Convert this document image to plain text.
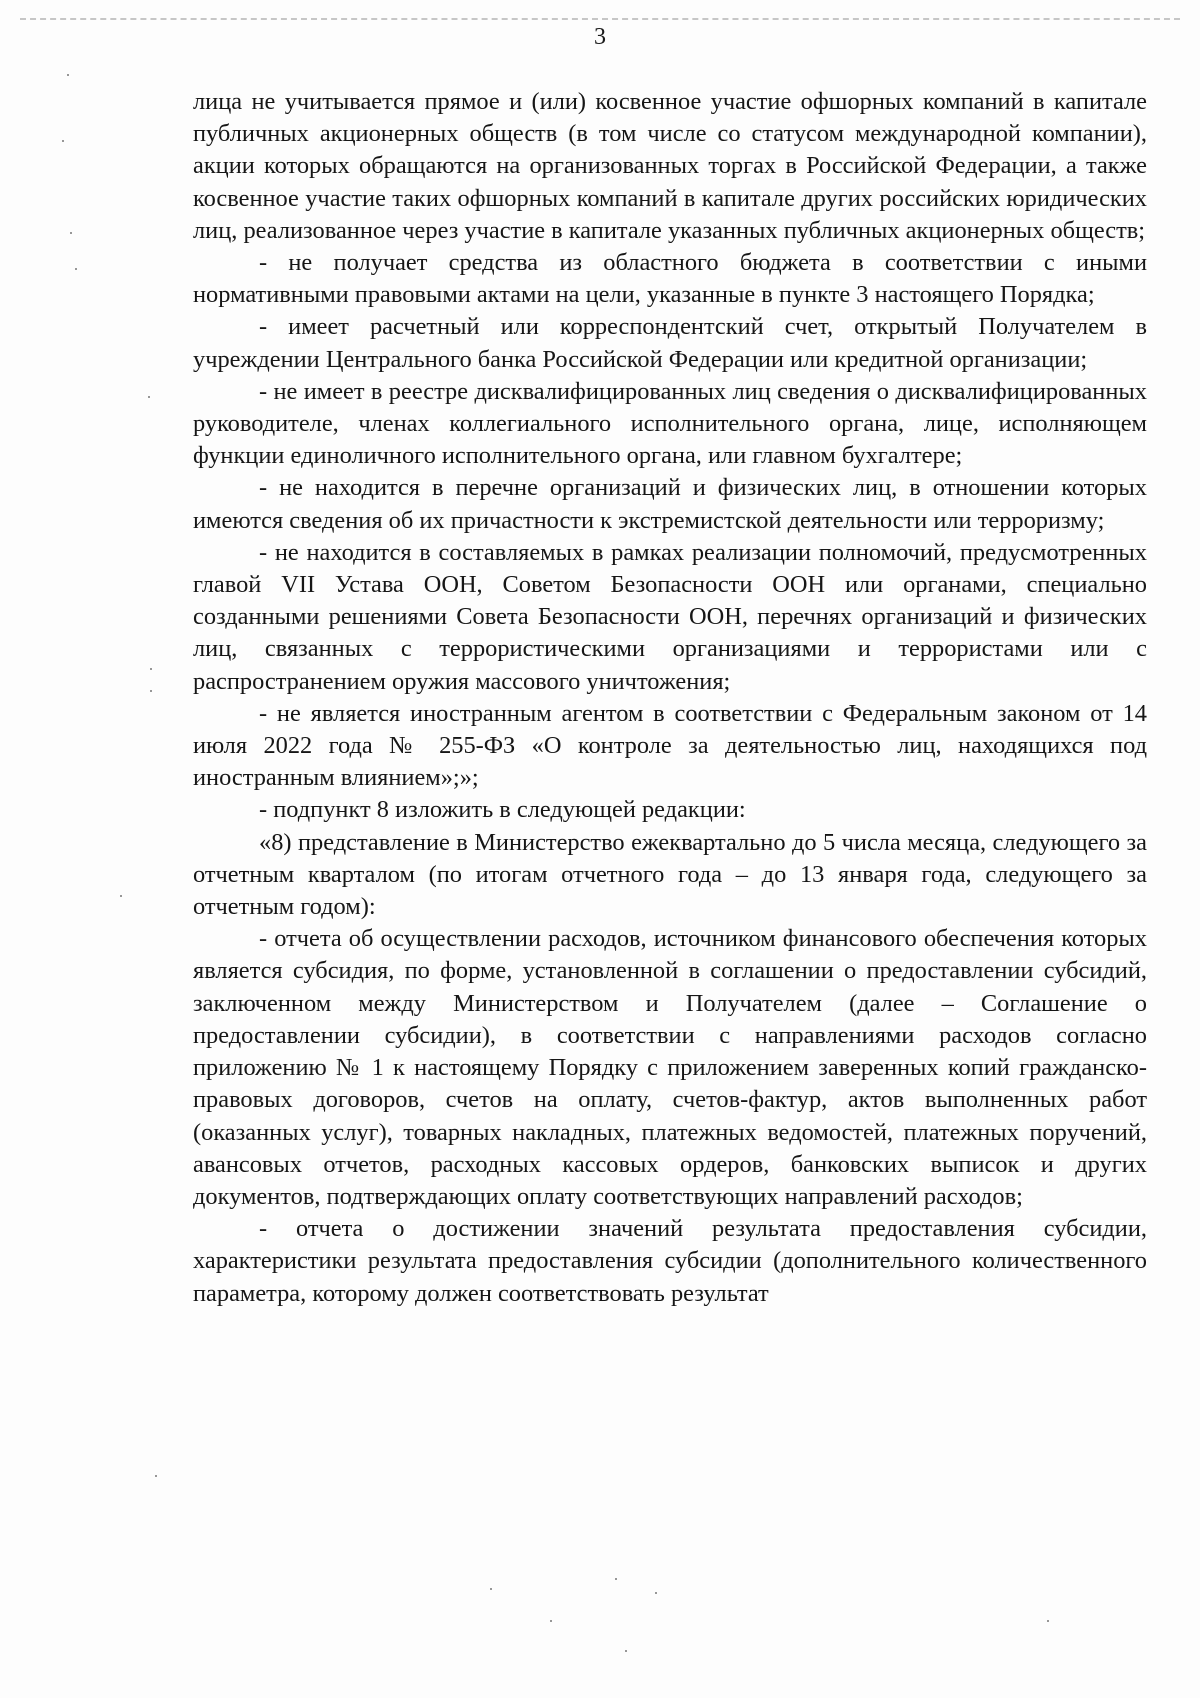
3

лица не учитывается прямое и (или) косвенное участие офшорных компаний в капитале публичных акционерных обществ (в том числе со статусом международной компании), акции которых обращаются на организованных торгах в Российской Федерации, а также косвенное участие таких офшорных компаний в капитале других российских юридических лиц, реализованное через участие в капитале указанных публичных акционерных обществ;

- не получает средства из областного бюджета в соответствии с иными нормативными правовыми актами на цели, указанные в пункте 3 настоящего Порядка;

- имеет расчетный или корреспондентский счет, открытый Получателем в учреждении Центрального банка Российской Федерации или кредитной организации;

- не имеет в реестре дисквалифицированных лиц сведения о дисквалифицированных руководителе, членах коллегиального исполнительного органа, лице, исполняющем функции единоличного исполнительного органа, или главном бухгалтере;

- не находится в перечне организаций и физических лиц, в отношении которых имеются сведения об их причастности к экстремистской деятельности или терроризму;

- не находится в составляемых в рамках реализации полномочий, предусмотренных главой VII Устава ООН, Советом Безопасности ООН или органами, специально созданными решениями Совета Безопасности ООН, перечнях организаций и физических лиц, связанных с террористическими организациями и террористами или с распространением оружия массового уничтожения;

- не является иностранным агентом в соответствии с Федеральным законом от 14 июля 2022 года № 255-ФЗ «О контроле за деятельностью лиц, находящихся под иностранным влиянием»;»;

- подпункт 8 изложить в следующей редакции:

«8) представление в Министерство ежеквартально до 5 числа месяца, следующего за отчетным кварталом (по итогам отчетного года – до 13 января года, следующего за отчетным годом):

- отчета об осуществлении расходов, источником финансового обеспечения которых является субсидия, по форме, установленной в соглашении о предоставлении субсидий, заключенном между Министерством и Получателем (далее – Соглашение о предоставлении субсидии), в соответствии с направлениями расходов согласно приложению № 1 к настоящему Порядку с приложением заверенных копий гражданско-правовых договоров, счетов на оплату, счетов-фактур, актов выполненных работ (оказанных услуг), товарных накладных, платежных ведомостей, платежных поручений, авансовых отчетов, расходных кассовых ордеров, банковских выписок и других документов, подтверждающих оплату соответствующих направлений расходов;

- отчета о достижении значений результата предоставления субсидии, характеристики результата предоставления субсидии (дополнительного количественного параметра, которому должен соответствовать результат
